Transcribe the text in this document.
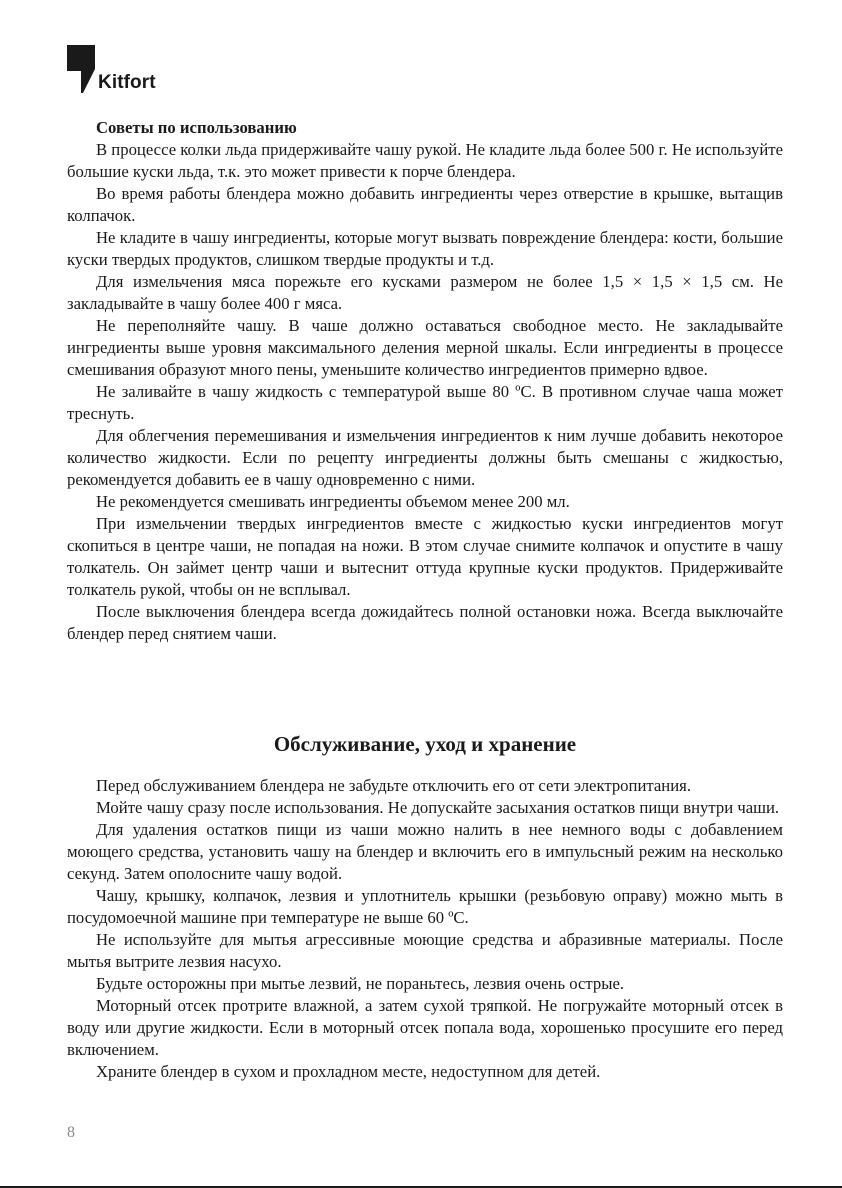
Kitfort

Советы по использованию

В процессе колки льда придерживайте чашу рукой. Не кладите льда более 500 г. Не используйте большие куски льда, т.к. это может привести к порче блендера.

Во время работы блендера можно добавить ингредиенты через отверстие в крышке, вытащив колпачок.

Не кладите в чашу ингредиенты, которые могут вызвать повреждение блендера: кости, большие куски твердых продуктов, слишком твердые продукты и т.д.

Для измельчения мяса порежьте его кусками размером не более 1,5 × 1,5 × 1,5 см. Не закладывайте в чашу более 400 г мяса.

Не переполняйте чашу. В чаше должно оставаться свободное место. Не закладывайте ингредиенты выше уровня максимального деления мерной шкалы. Если ингредиенты в процессе смешивания образуют много пены, уменьшите количество ингредиентов примерно вдвое.

Не заливайте в чашу жидкость с температурой выше 80 ºС. В противном случае чаша может треснуть.

Для облегчения перемешивания и измельчения ингредиентов к ним лучше добавить некоторое количество жидкости. Если по рецепту ингредиенты должны быть смешаны с жидкостью, рекомендуется добавить ее в чашу одновременно с ними.

Не рекомендуется смешивать ингредиенты объемом менее 200 мл.

При измельчении твердых ингредиентов вместе с жидкостью куски ингредиентов могут скопиться в центре чаши, не попадая на ножи. В этом случае снимите колпачок и опустите в чашу толкатель. Он займет центр чаши и вытеснит оттуда крупные куски продуктов. Придерживайте толкатель рукой, чтобы он не всплывал.

После выключения блендера всегда дожидайтесь полной остановки ножа. Всегда выключайте блендер перед снятием чаши.

Обслуживание, уход и хранение

Перед обслуживанием блендера не забудьте отключить его от сети электропитания.

Мойте чашу сразу после использования. Не допускайте засыхания остатков пищи внутри чаши.

Для удаления остатков пищи из чаши можно налить в нее немного воды с добавлением моющего средства, установить чашу на блендер и включить его в импульсный режим на несколько секунд. Затем ополосните чашу водой.

Чашу, крышку, колпачок, лезвия и уплотнитель крышки (резьбовую оправу) можно мыть в посудомоечной машине при температуре не выше 60 ºС.

Не используйте для мытья агрессивные моющие средства и абразивные материалы. После мытья вытрите лезвия насухо.

Будьте осторожны при мытье лезвий, не пораньтесь, лезвия очень острые.

Моторный отсек протрите влажной, а затем сухой тряпкой. Не погружайте моторный отсек в воду или другие жидкости. Если в моторный отсек попала вода, хорошенько просушите его перед включением.

Храните блендер в сухом и прохладном месте, недоступном для детей.

8
